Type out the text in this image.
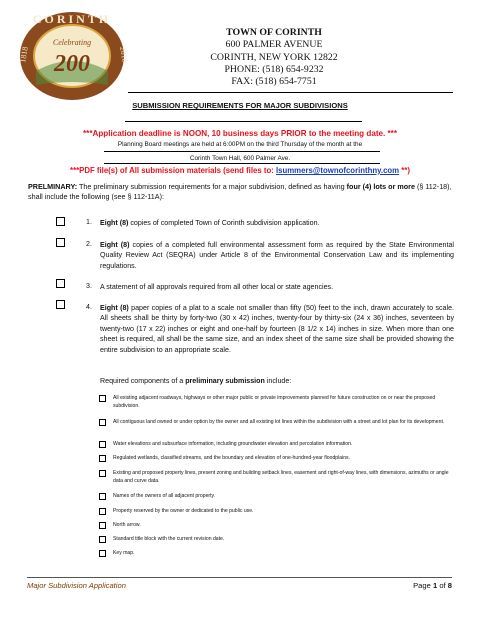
CORINTH
1818	2018
Celebrating
200
TOWN OF CORINTH
600 PALMER AVENUE
CORINTH, NEW YORK 12822
PHONE: (518) 654-9232
FAX: (518) 654-7751
SUBMISSION REQUIREMENTS FOR MAJOR SUBDIVISIONS
***Application deadline is NOON, 10 business days PRIOR to the meeting date. ***
Planning Board meetings are held at 6:00PM on the third Thursday of the month at the
Corinth Town Hall, 600 Palmer Ave.
***PDF file(s) of All submission materials (send files to: lsummers@townofcorinthny.com **)
PRELMINARY: The preliminary submission requirements for a major subdivision, defined as having four (4) lots or more (§ 112-18), shall include the following (see § 112-11A):
1. Eight (8) copies of completed Town of Corinth subdivision application.
2. Eight (8) copies of a completed full environmental assessment form as required by the State Environmental Quality Review Act (SEQRA) under Article 8 of the Environmental Conservation Law and its implementing regulations.
3. A statement of all approvals required from all other local or state agencies.
4. Eight (8) paper copies of a plat to a scale not smaller than fifty (50) feet to the inch, drawn accurately to scale. All sheets shall be thirty by forty-two (30 x 42) inches, twenty-four by thirty-six (24 x 36) inches, seventeen by twenty-two (17 x 22) inches or eight and one-half by fourteen (8 1/2 x 14) inches in size. When more than one sheet is required, all shall be the same size, and an index sheet of the same size shall be provided showing the entire subdivision to an appropriate scale.
Required components of a preliminary submission include:
All existing adjacent roadways, highways or other major public or private improvements planned for future construction on or near the proposed subdivision.
All contiguous land owned or under option by the owner and all existing lot lines within the subdivision with a street and lot plan for its development.
Water elevations and subsurface information, including groundwater elevation and percolation information.
Regulated wetlands, classified streams, and the boundary and elevation of one-hundred-year floodplains.
Existing and proposed property lines, present zoning and building setback lines, easement and right-of-way lines, with dimensions, azimuths or angle data and curve data.
Names of the owners of all adjacent property.
Property reserved by the owner or dedicated to the public use.
North arrow.
Standard title block with the current revision date.
Key map.
Major Subdivision Application	Page 1 of 8
